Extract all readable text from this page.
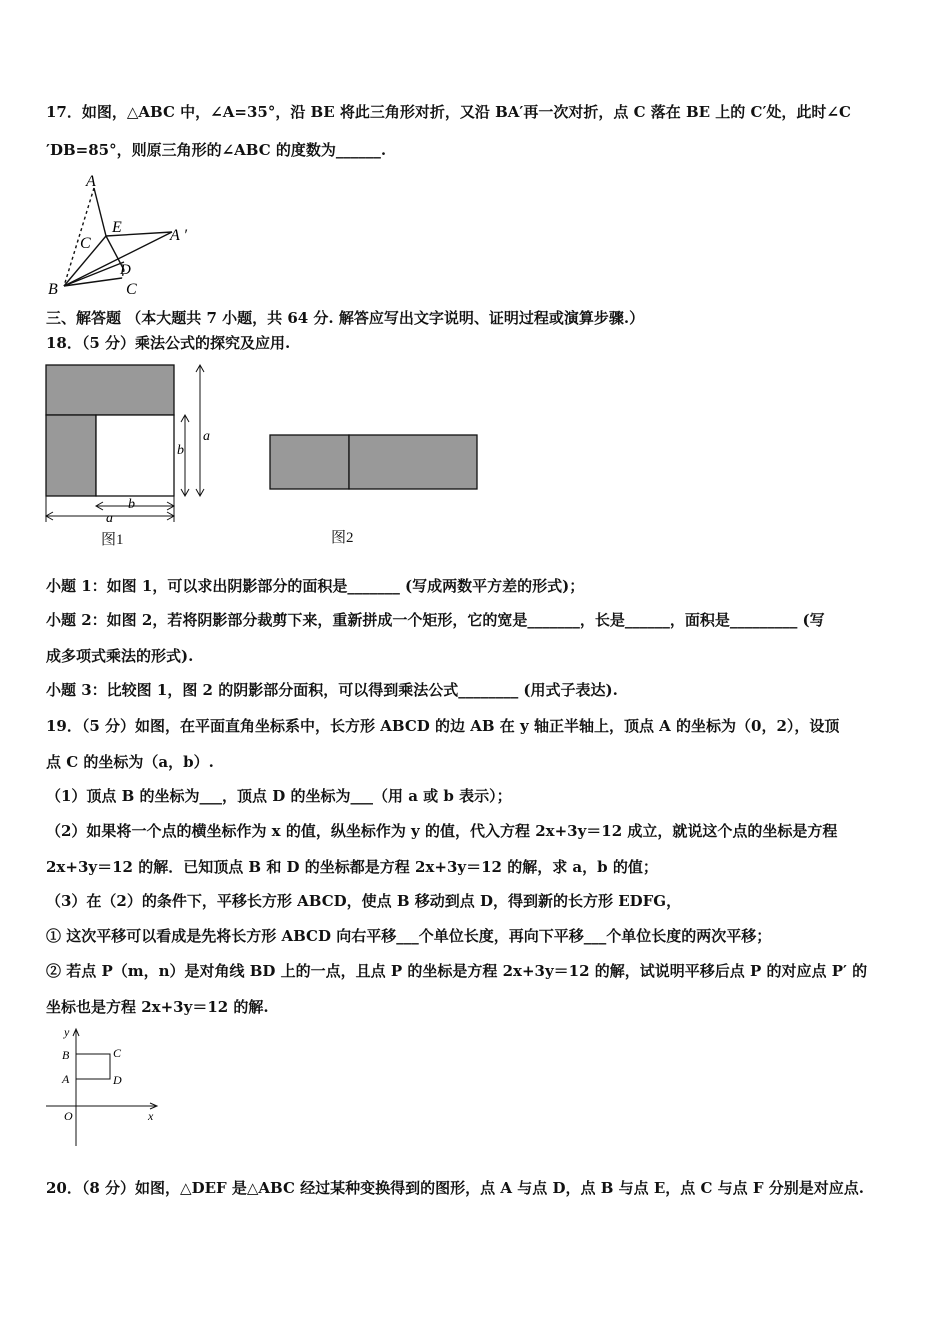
17．如图，△ABC 中，∠A=35°，沿 BE 将此三角形对折，又沿 BA′再一次对折，点 C 落在 BE 上的 C′处，此时∠C
′DB=85°，则原三角形的∠ABC 的度数为______.
A
E
C	A ′
D
B	C
三、解答题 （本大题共 7 小题，共 64 分. 解答应写出文字说明、证明过程或演算步骤.）
18．（5 分）乘法公式的探究及应用.
a
b
b
a
图1	图2
小题 1：如图 1，可以求出阴影部分的面积是_______ (写成两数平方差的形式)；
小题 2：如图 2，若将阴影部分裁剪下来，重新拼成一个矩形，它的宽是_______，长是______，面积是_________ (写
成多项式乘法的形式).
小题 3：比较图 1，图 2 的阴影部分面积，可以得到乘法公式________ (用式子表达).
19．（5 分）如图，在平面直角坐标系中，长方形 ABCD 的边 AB 在 y 轴正半轴上，顶点 A 的坐标为（0，2），设顶
点 C 的坐标为（a，b）.
（1）顶点 B 的坐标为___，顶点 D 的坐标为___（用 a 或 b 表示）；
（2）如果将一个点的横坐标作为 x 的值，纵坐标作为 y 的值，代入方程 2x+3y＝12 成立，就说这个点的坐标是方程
2x+3y＝12 的解．已知顶点 B 和 D 的坐标都是方程 2x+3y＝12 的解，求 a，b 的值；
（3）在（2）的条件下，平移长方形 ABCD，使点 B 移动到点 D，得到新的长方形 EDFG，
① 这次平移可以看成是先将长方形 ABCD 向右平移___个单位长度，再向下平移___个单位长度的两次平移；
② 若点 P（m，n）是对角线 BD 上的一点，且点 P 的坐标是方程 2x+3y＝12 的解，试说明平移后点 P 的对应点 P′ 的
坐标也是方程 2x+3y＝12 的解.
y
B	C
A	D
O	x
20．（8 分）如图，△DEF 是△ABC 经过某种变换得到的图形，点 A 与点 D，点 B 与点 E，点 C 与点 F 分别是对应点.
